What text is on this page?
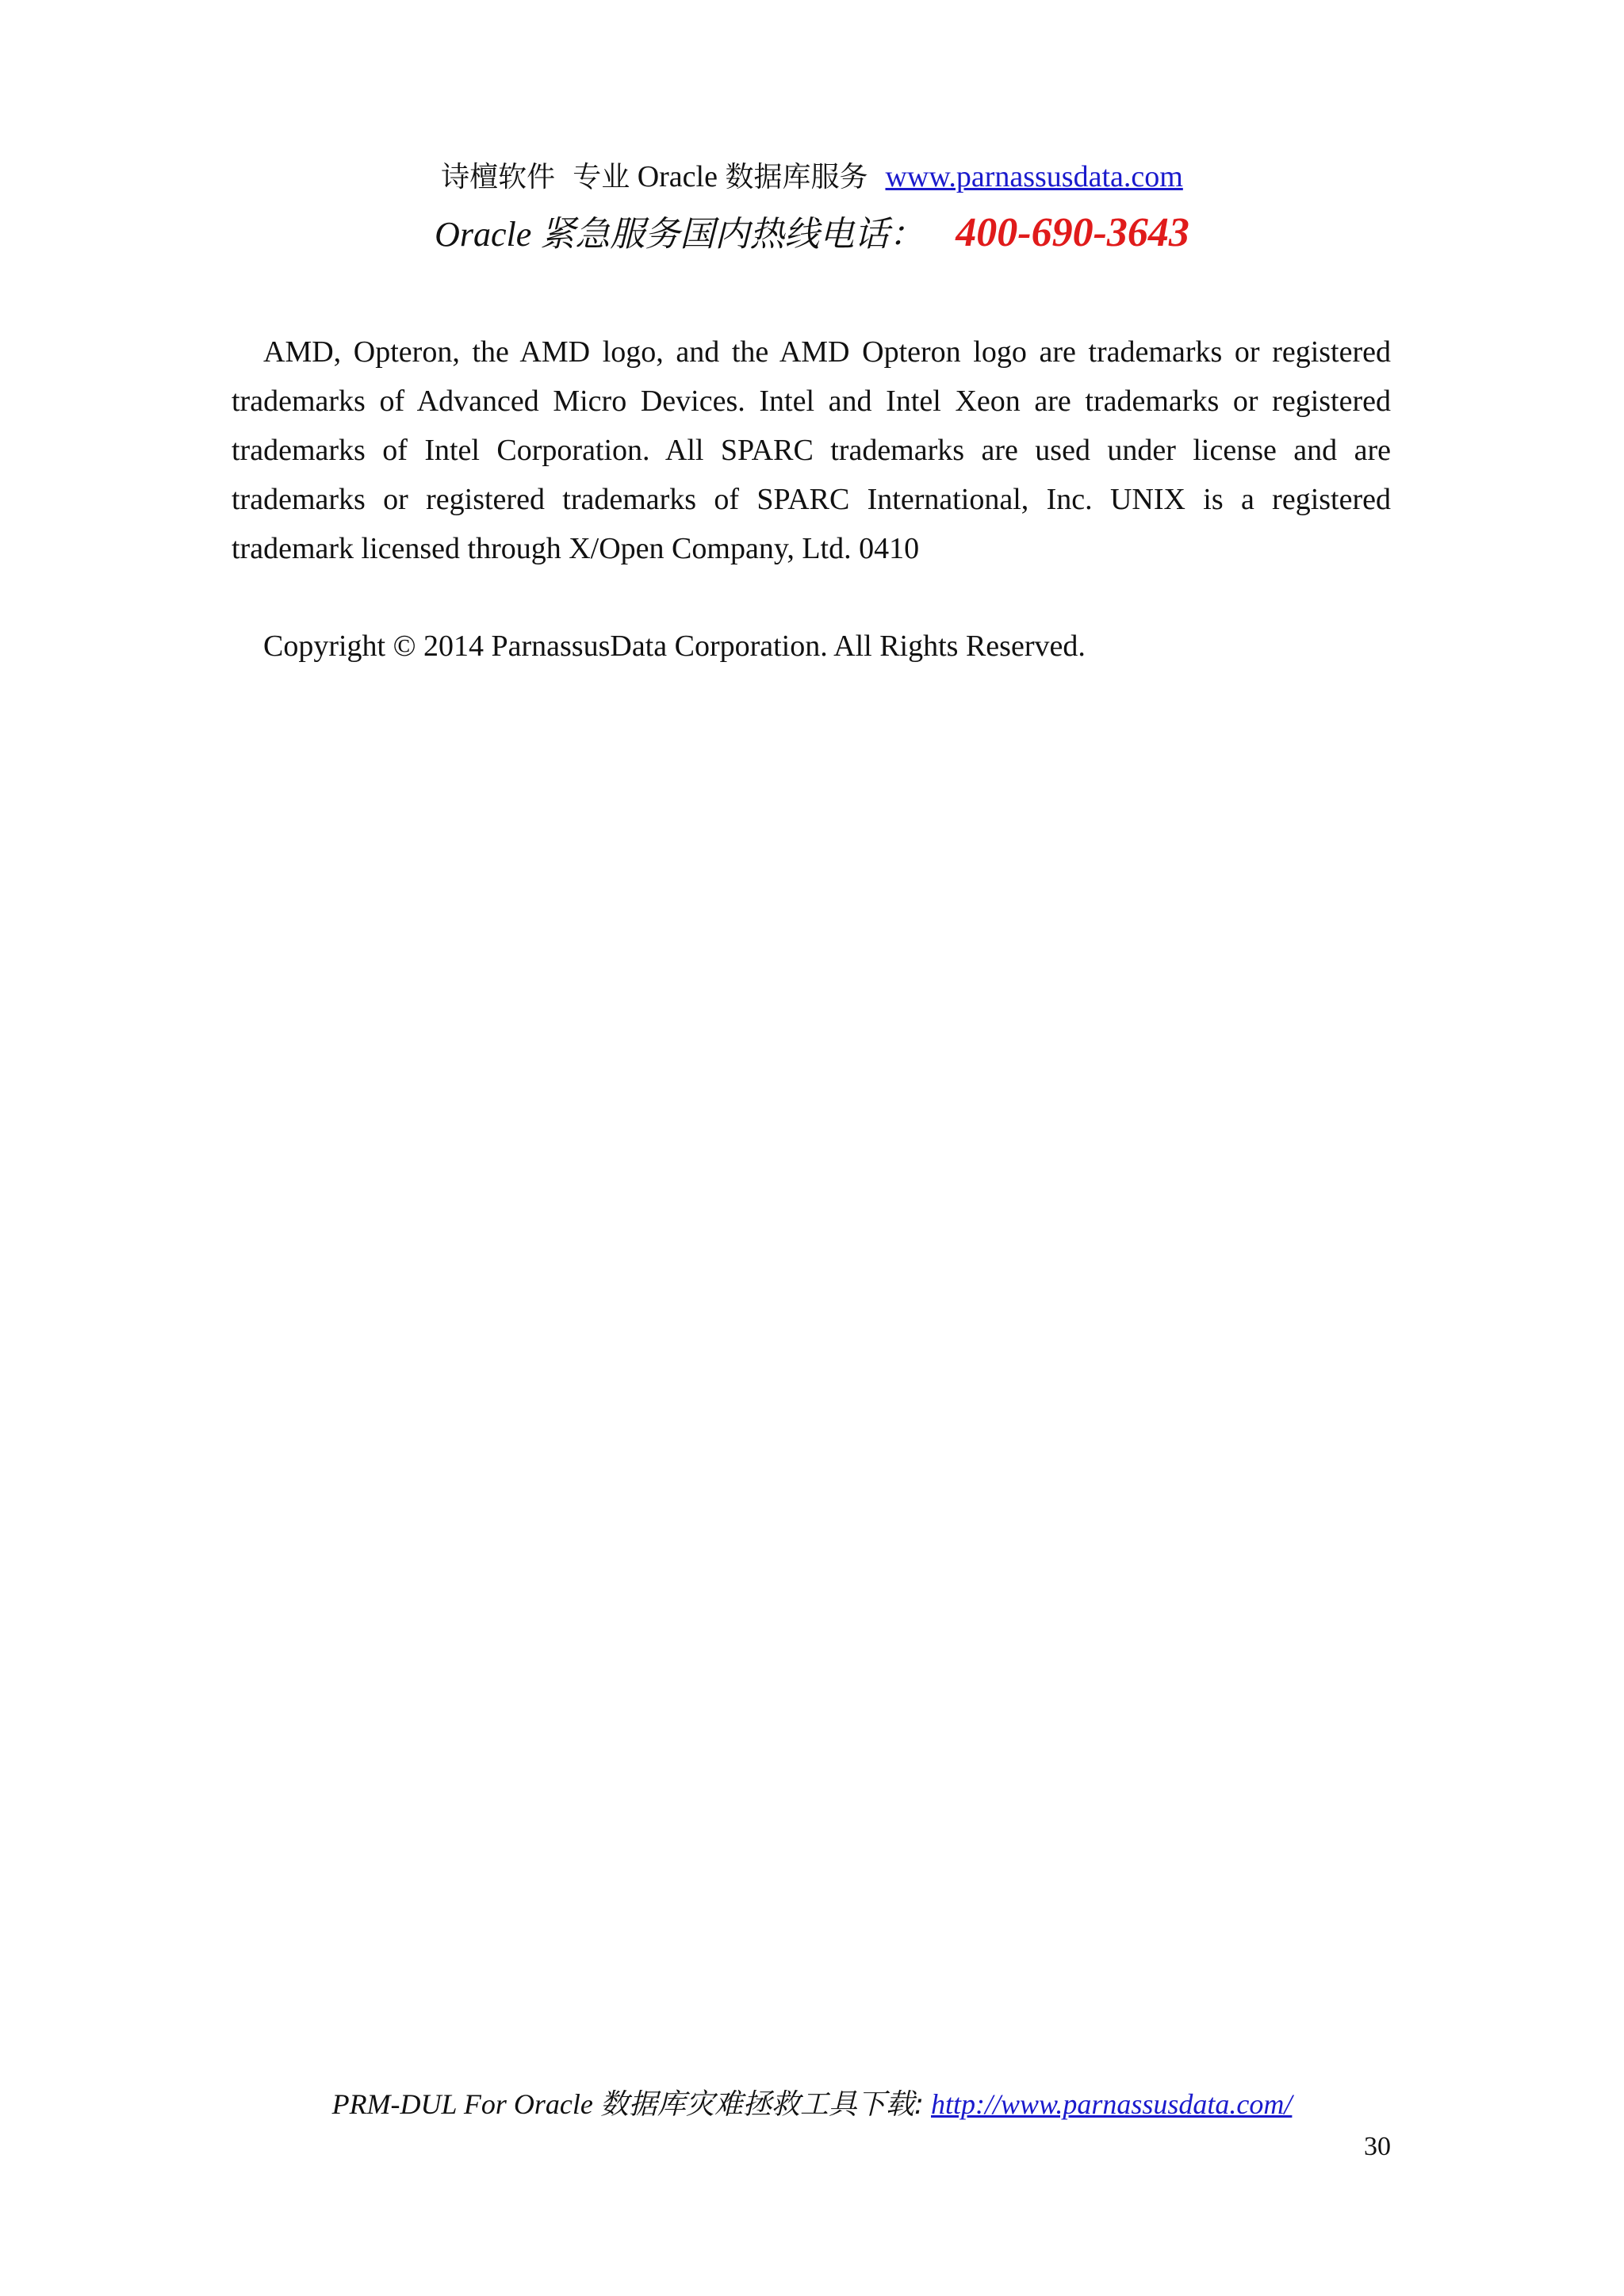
诗檀软件 专业 Oracle 数据库服务 www.parnassusdata.com
Oracle 紧急服务国内热线电话： 400-690-3643
AMD, Opteron, the AMD logo, and the AMD Opteron logo are trademarks or registered trademarks of Advanced Micro Devices. Intel and Intel Xeon are trademarks or registered trademarks of Intel Corporation. All SPARC trademarks are used under license and are trademarks or registered trademarks of SPARC International, Inc. UNIX is a registered trademark licensed through X/Open Company, Ltd. 0410
Copyright © 2014 ParnassusData Corporation. All Rights Reserved.
PRM-DUL For Oracle 数据库灾难拯救工具下载: http://www.parnassusdata.com/
30
